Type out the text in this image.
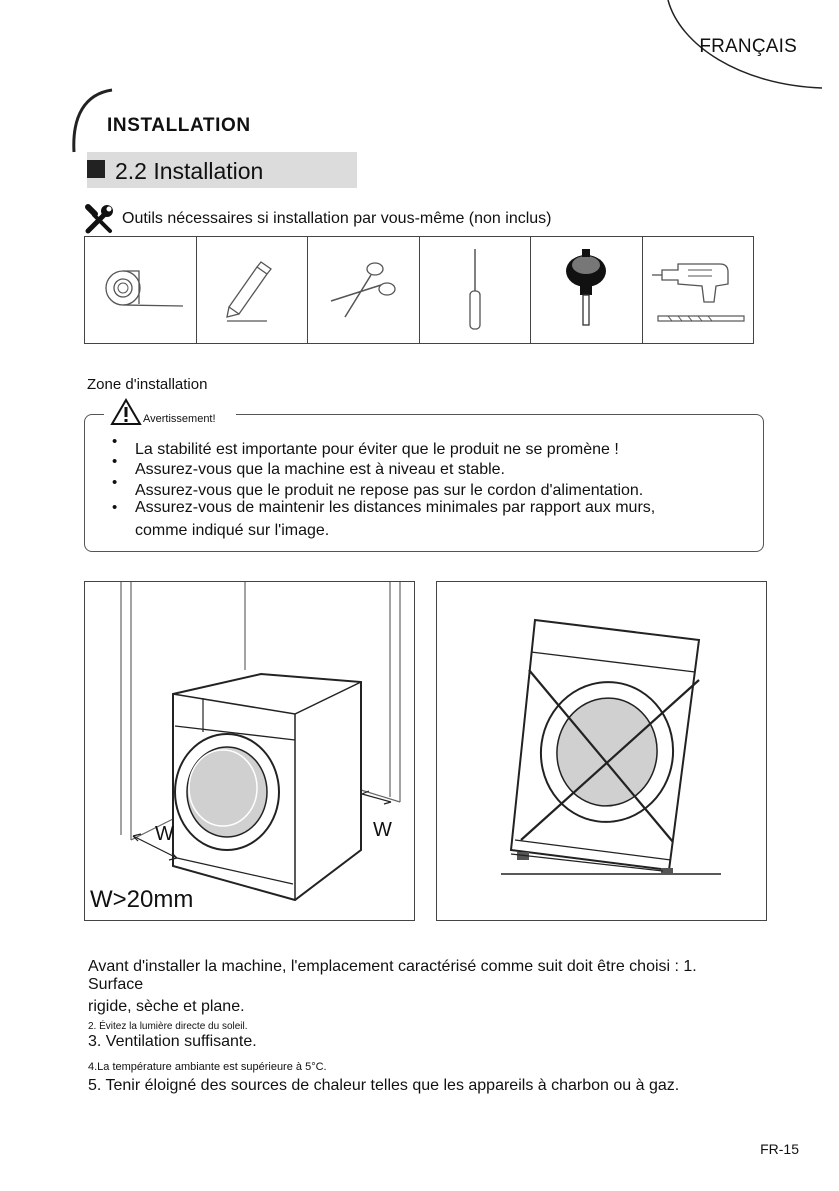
FRANÇAIS
INSTALLATION
2.2 Installation
Outils nécessaires si installation par vous-même (non inclus)
Zone d'installation
Avertissement!
• La stabilité est importante pour éviter que le produit ne se promène !
• Assurez-vous que la machine est à niveau et stable.
• Assurez-vous que le produit ne repose pas sur le cordon d'alimentation.
• Assurez-vous de maintenir les distances minimales par rapport aux murs,
comme indiqué sur l'image.
W	W
W>20mm
Avant d'installer la machine, l'emplacement caractérisé comme suit doit être choisi : 1.
Surface
rigide, sèche et plane.
2. Évitez la lumière directe du soleil.
3. Ventilation suffisante.
4.La température ambiante est supérieure à 5°C.
5. Tenir éloigné des sources de chaleur telles que les appareils à charbon ou à gaz.
FR-15
